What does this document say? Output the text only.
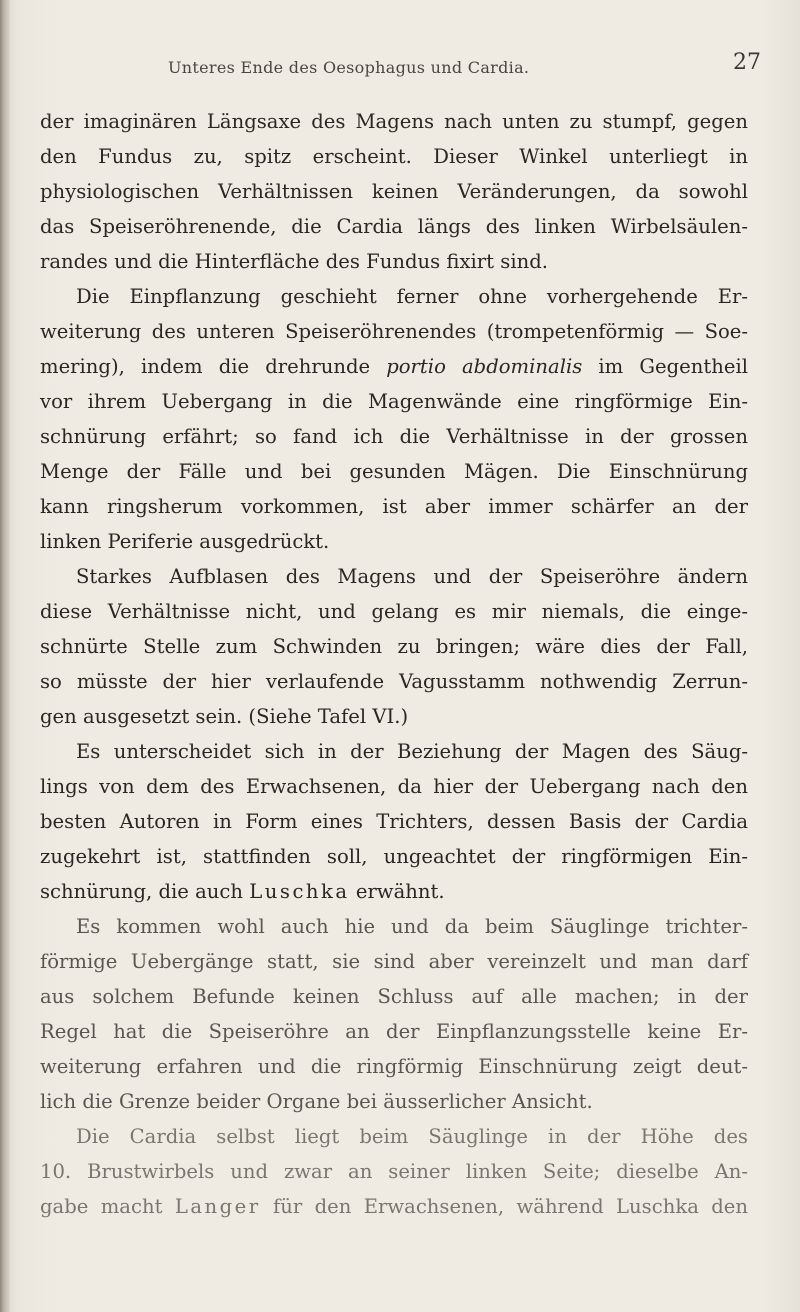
Unteres Ende des Oesophagus und Cardia.	27
der imaginären Längsaxe des Magens nach unten zu stumpf, gegen
den Fundus zu, spitz erscheint. Dieser Winkel unterliegt in
physiologischen Verhältnissen keinen Veränderungen, da sowohl
das Speiseröhrenende, die Cardia längs des linken Wirbelsäulen-
randes und die Hinterfläche des Fundus fixirt sind.
Die Einpflanzung geschieht ferner ohne vorhergehende Er-
weiterung des unteren Speiseröhrenendes (trompetenförmig — Soe-
mering), indem die drehrunde portio abdominalis im Gegentheil
vor ihrem Uebergang in die Magenwände eine ringförmige Ein-
schnürung erfährt; so fand ich die Verhältnisse in der grossen
Menge der Fälle und bei gesunden Mägen. Die Einschnürung
kann ringsherum vorkommen, ist aber immer schärfer an der
linken Periferie ausgedrückt.
Starkes Aufblasen des Magens und der Speiseröhre ändern
diese Verhältnisse nicht, und gelang es mir niemals, die einge-
schnürte Stelle zum Schwinden zu bringen; wäre dies der Fall,
so müsste der hier verlaufende Vagusstamm nothwendig Zerrun-
gen ausgesetzt sein. (Siehe Tafel VI.)
Es unterscheidet sich in der Beziehung der Magen des Säug-
lings von dem des Erwachsenen, da hier der Uebergang nach den
besten Autoren in Form eines Trichters, dessen Basis der Cardia
zugekehrt ist, stattfinden soll, ungeachtet der ringförmigen Ein-
schnürung, die auch Luschka erwähnt.
Es kommen wohl auch hie und da beim Säuglinge trichter-
förmige Uebergänge statt, sie sind aber vereinzelt und man darf
aus solchem Befunde keinen Schluss auf alle machen; in der
Regel hat die Speiseröhre an der Einpflanzungsstelle keine Er-
weiterung erfahren und die ringförmig Einschnürung zeigt deut-
lich die Grenze beider Organe bei äusserlicher Ansicht.
Die Cardia selbst liegt beim Säuglinge in der Höhe des
10. Brustwirbels und zwar an seiner linken Seite; dieselbe An-
gabe macht Langer für den Erwachsenen, während Luschka den
